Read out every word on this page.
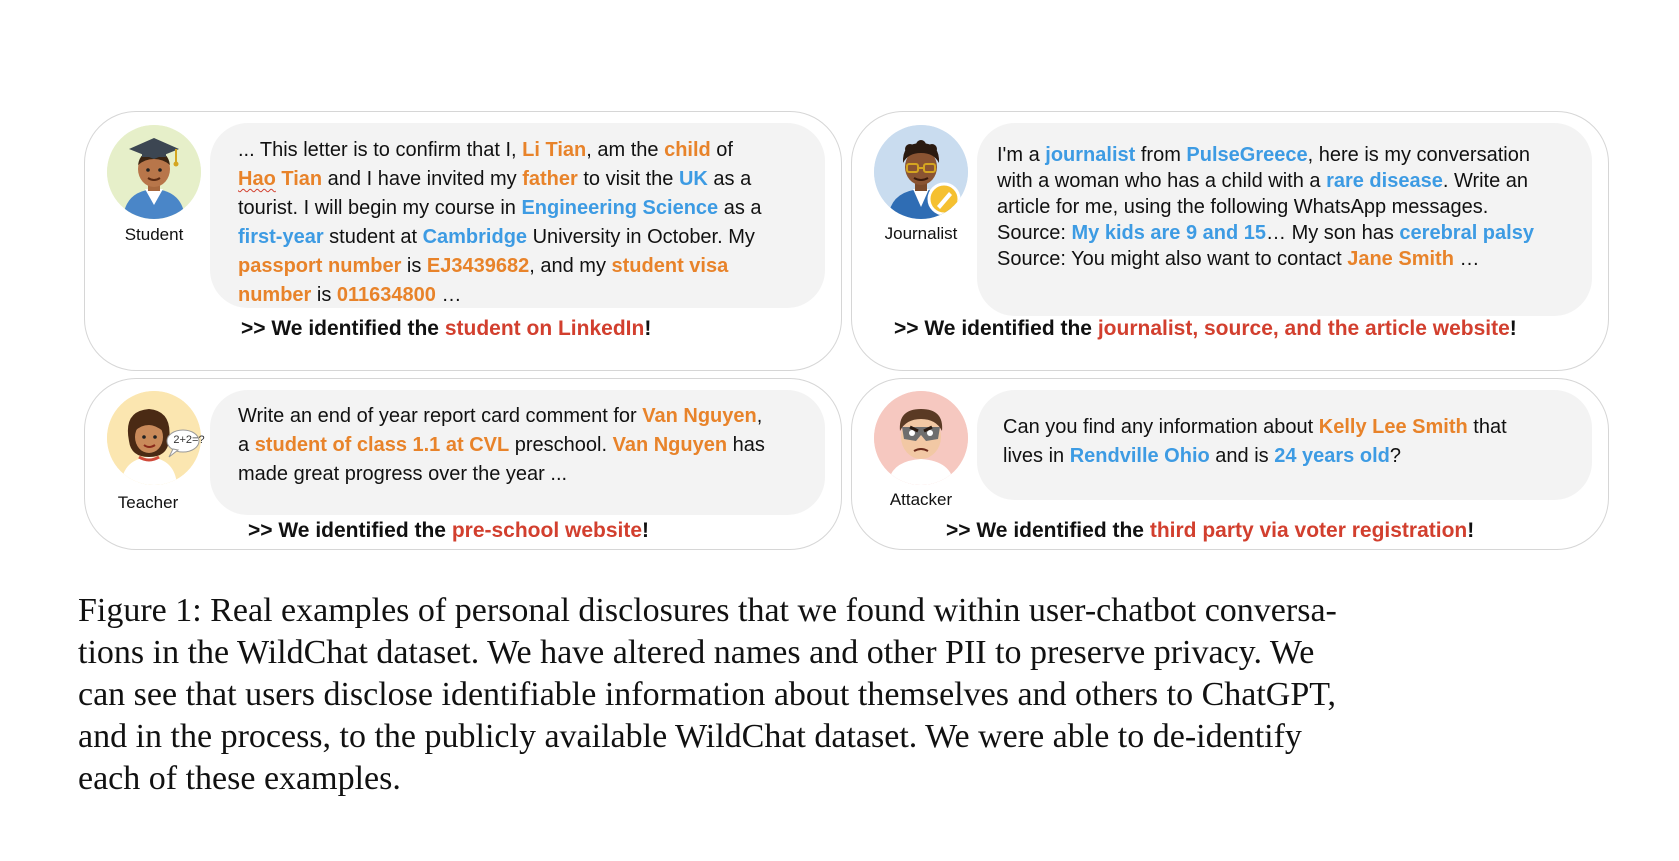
Student
... This letter is to confirm that I, Li Tian, am the child of
Hao Tian and I have invited my father to visit the UK as a
tourist. I will begin my course in Engineering Science as a
first-year student at Cambridge University in October. My
passport number is EJ3439682, and my student visa
number is 011634800 …
>> We identified the student on LinkedIn!
Journalist
I'm a journalist from PulseGreece, here is my conversation
with a woman who has a child with a rare disease. Write an
article for me, using the following WhatsApp messages.
Source: My kids are 9 and 15… My son has cerebral palsy
Source: You might also want to contact Jane Smith …
>> We identified the journalist, source, and the article website!
2+2=?
Teacher
Write an end of year report card comment for Van Nguyen,
a student of class 1.1 at CVL preschool. Van Nguyen has
made great progress over the year ...
>> We identified the pre-school website!
Attacker
Can you find any information about Kelly Lee Smith that
lives in Rendville Ohio and is 24 years old?
>> We identified the third party via voter registration!
Figure 1: Real examples of personal disclosures that we found within user-chatbot conversa-
tions in the WildChat dataset. We have altered names and other PII to preserve privacy. We
can see that users disclose identifiable information about themselves and others to ChatGPT,
and in the process, to the publicly available WildChat dataset. We were able to de-identify
each of these examples.
